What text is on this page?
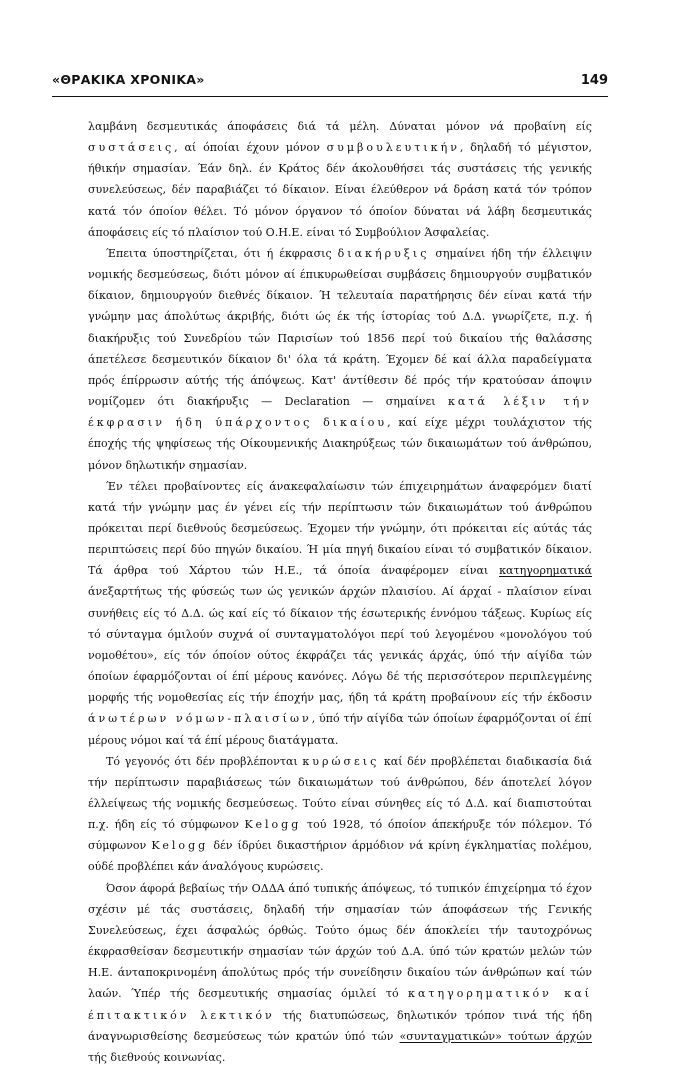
«ΘΡΑΚΙΚΑ ΧΡΟΝΙΚΑ»	149

λαμβάνη δεσμευτικάς άποφάσεις διά τά μέλη. Δύναται μόνον νά προβαίνη είς συστάσεις, αί όποίαι έχουν μόνον συμβουλευτικήν, δηλαδή τό μέγιστον, ήθικήν σημασίαν. Έάν δηλ. έν Κράτος δέν άκολουθήσει τάς συστάσεις τής γενικής συνελεύσεως, δέν παραβιάζει τό δίκαιον. Είναι έλεύθερον νά δράση κατά τόν τρόπον κατά τόν όποίον θέλει. Τό μόνον όργανον τό όποίον δύναται νά λάβη δεσμευτικάς άποφάσεις είς τό πλαίσιον τού Ο.Η.Ε. είναι τό Συμβούλιον Άσφαλείας.

Έπειτα ύποστηρίζεται, ότι ή έκφρασις διακήρυξις σημαίνει ήδη τήν έλλειψιν νομικής δεσμεύσεως, διότι μόνον αί έπικυρωθείσαι συμβάσεις δημιουργούν συμβατικόν δίκαιον, δημιουργούν διεθνές δίκαιον. Ή τελευταία παρατήρησις δέν είναι κατά τήν γνώμην μας άπολύτως άκριβής, διότι ώς έκ τής ίστορίας τού Δ.Δ. γνωρίζετε, π.χ. ή διακήρυξις τού Συνεδρίου τών Παρισίων τού 1856 περί τού δικαίου τής θαλάσσης άπετέλεσε δεσμευτικόν δίκαιον δι' όλα τά κράτη. Έχομεν δέ καί άλλα παραδείγματα πρός έπίρρωσιν αύτής τής άπόψεως. Κατ' άντίθεσιν δέ πρός τήν κρατούσαν άποψιν νομίζομεν ότι διακήρυξις — Declaration — σημαίνει κατά λέξιν τήν έκφρασιν ήδη ύπάρχοντος δικαίου, καί είχε μέχρι τουλάχιστον τής έποχής τής ψηφίσεως τής Οίκουμενικής Διακηρύξεως τών δικαιωμάτων τού άνθρώπου, μόνον δηλωτικήν σημασίαν.

Έν τέλει προβαίνοντες είς άνακεφαλαίωσιν τών έπιχειρημάτων άναφερόμεν διατί κατά τήν γνώμην μας έν γένει είς τήν περίπτωσιν τών δικαιωμάτων τού άνθρώπου πρόκειται περί διεθνούς δεσμεύσεως. Έχομεν τήν γνώμην, ότι πρόκειται είς αύτάς τάς περιπτώσεις περί δύο πηγών δικαίου. Ή μία πηγή δικαίου είναι τό συμβατικόν δίκαιον. Τά άρθρα τού Χάρτου τών Η.Ε., τά όποία άναφέρομεν είναι κατηγορηματικά άνεξαρτήτως τής φύσεώς των ώς γενικών άρχών πλαισίου. Αί άρχαί - πλαίσιον είναι συνήθεις είς τό Δ.Δ. ώς καί είς τό δίκαιον τής έσωτερικής έννόμου τάξεως. Κυρίως είς τό σύνταγμα όμιλούν συχνά οί συνταγματολόγοι περί τού λεγομένου «μονολόγου τού νομοθέτου», είς τόν όποίον ούτος έκφράζει τάς γενικάς άρχάς, ύπό τήν αίγίδα τών όποίων έφαρμόζονται οί έπί μέρους κανόνες. Λόγω δέ τής περισσότερον περιπλεγμένης μορφής τής νομοθεσίας είς τήν έποχήν μας, ήδη τά κράτη προβαίνουν είς τήν έκδοσιν άνωτέρων νόμων-πλαισίων, ύπό τήν αίγίδα τών όποίων έφαρμόζονται οί έπί μέρους νόμοι καί τά έπί μέρους διατάγματα.

Τό γεγονός ότι δέν προβλέπονται κυρώσεις καί δέν προβλέπεται διαδικασία διά τήν περίπτωσιν παραβιάσεως τών δικαιωμάτων τού άνθρώπου, δέν άποτελεί λόγον έλλείψεως τής νομικής δεσμεύσεως. Τούτο είναι σύνηθες είς τό Δ.Δ. καί διαπιστούται π.χ. ήδη είς τό σύμφωνον Kelogg τού 1928, τό όποίον άπεκήρυξε τόν πόλεμον. Τό σύμφωνον Kelogg δέν ίδρύει δικαστήριον άρμόδιον νά κρίνη έγκληματίας πολέμου, ούδέ προβλέπει κάν άναλόγους κυρώσεις.

Όσον άφορά βεβαίως τήν ΟΔΔΑ άπό τυπικής άπόψεως, τό τυπικόν έπιχείρημα τό έχον σχέσιν μέ τάς συστάσεις, δηλαδή τήν σημασίαν τών άποφάσεων τής Γενικής Συνελεύσεως, έχει άσφαλώς όρθώς. Τούτο όμως δέν άποκλείει τήν ταυτοχρόνως έκφρασθείσαν δεσμευτικήν σημασίαν τών άρχών τού Δ.Α. ύπό τών κρατών μελών τών Η.Ε. άνταποκρινομένη άπολύτως πρός τήν συνείδησιν δικαίου τών άνθρώπων καί τών λαών. Ύπέρ τής δεσμευτικής σημασίας όμιλεί τό κατηγορηματικόν καί έπιτακτικόν λεκτικόν τής διατυπώσεως, δηλωτικόν τρόπον τινά τής ήδη άναγνωρισθείσης δεσμεύσεως τών κρατών ύπό τών «συνταγματικών» τούτων άρχών τής διεθνούς κοινωνίας.
